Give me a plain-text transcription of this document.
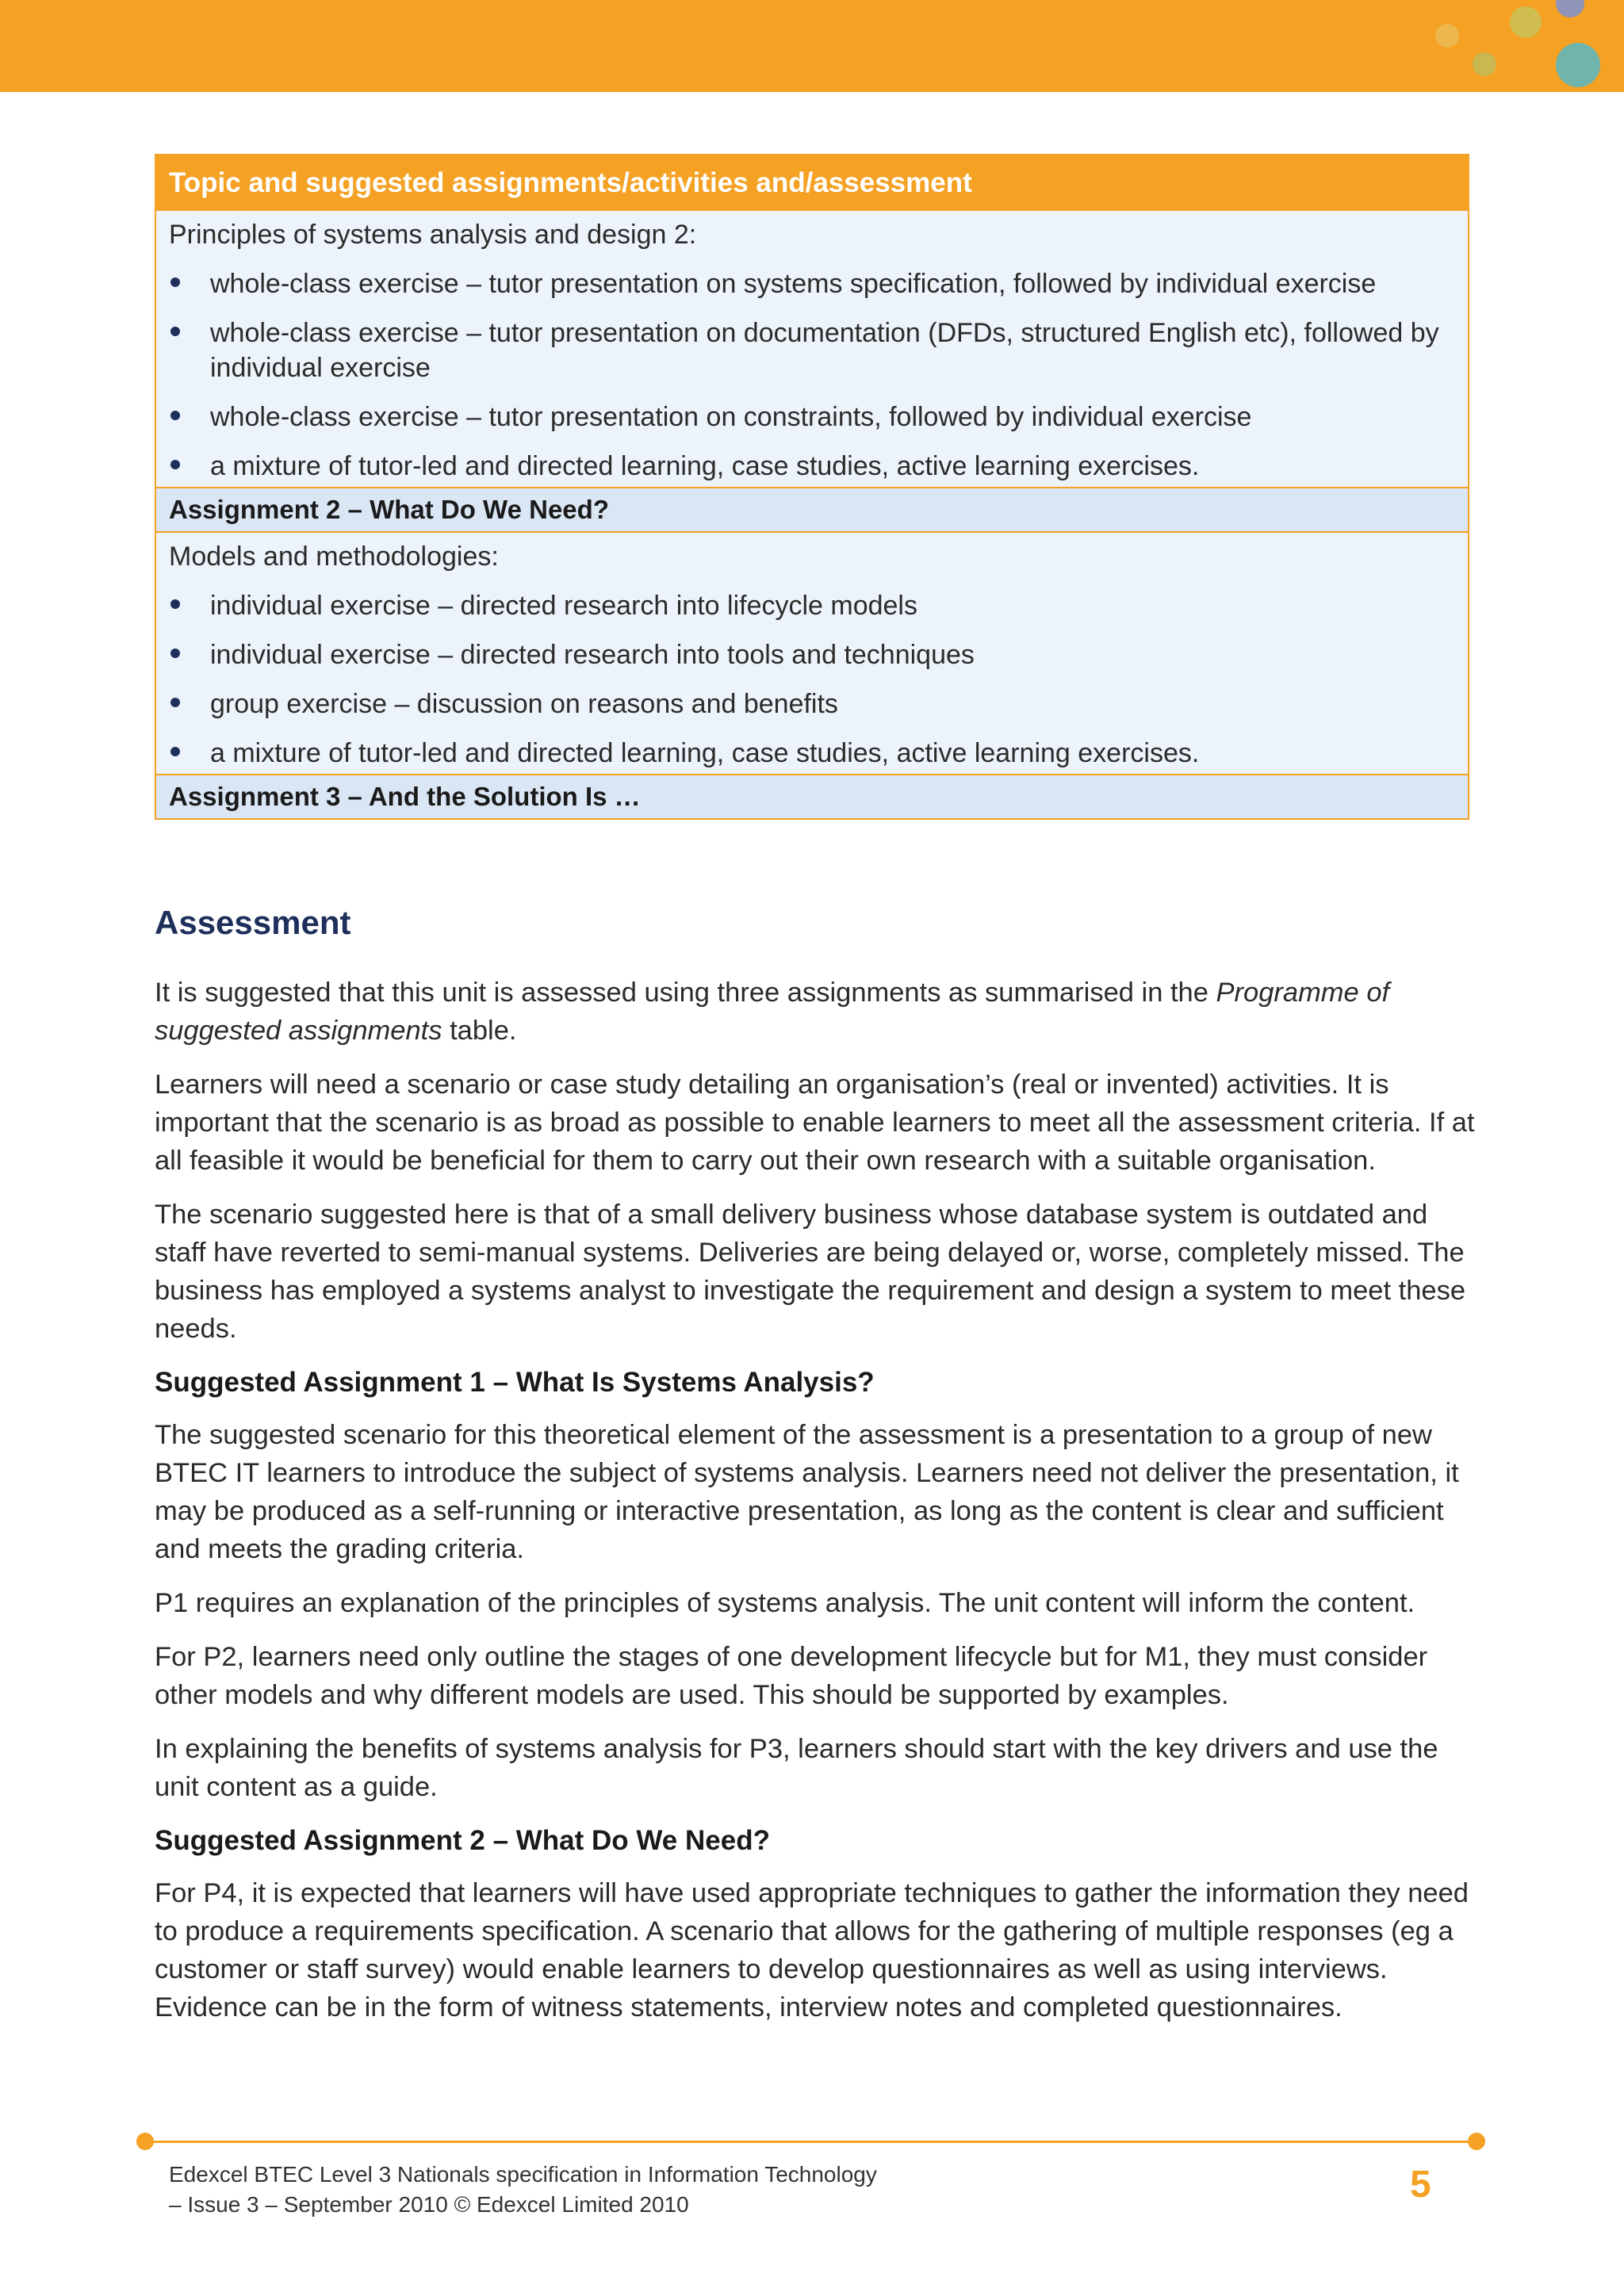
Topic and suggested assignments/activities and/assessment
Principles of systems analysis and design 2:
whole-class exercise – tutor presentation on systems specification, followed by individual exercise
whole-class exercise – tutor presentation on documentation (DFDs, structured English etc), followed by individual exercise
whole-class exercise – tutor presentation on constraints, followed by individual exercise
a mixture of tutor-led and directed learning, case studies, active learning exercises.
Assignment 2 – What Do We Need?
Models and methodologies:
individual exercise – directed research into lifecycle models
individual exercise – directed research into tools and techniques
group exercise – discussion on reasons and benefits
a mixture of tutor-led and directed learning, case studies, active learning exercises.
Assignment 3 – And the Solution Is …
Assessment

It is suggested that this unit is assessed using three assignments as summarised in the Programme of suggested assignments table.

Learners will need a scenario or case study detailing an organisation’s (real or invented) activities. It is important that the scenario is as broad as possible to enable learners to meet all the assessment criteria. If at all feasible it would be beneficial for them to carry out their own research with a suitable organisation.

The scenario suggested here is that of a small delivery business whose database system is outdated and staff have reverted to semi-manual systems. Deliveries are being delayed or, worse, completely missed. The business has employed a systems analyst to investigate the requirement and design a system to meet these needs.

Suggested Assignment 1 – What Is Systems Analysis?

The suggested scenario for this theoretical element of the assessment is a presentation to a group of new BTEC IT learners to introduce the subject of systems analysis. Learners need not deliver the presentation, it may be produced as a self-running or interactive presentation, as long as the content is clear and sufficient and meets the grading criteria.

P1 requires an explanation of the principles of systems analysis. The unit content will inform the content.

For P2, learners need only outline the stages of one development lifecycle but for M1, they must consider other models and why different models are used. This should be supported by examples.

In explaining the benefits of systems analysis for P3, learners should start with the key drivers and use the unit content as a guide.

Suggested Assignment 2 – What Do We Need?

For P4, it is expected that learners will have used appropriate techniques to gather the information they need to produce a requirements specification. A scenario that allows for the gathering of multiple responses (eg a customer or staff survey) would enable learners to develop questionnaires as well as using interviews. Evidence can be in the form of witness statements, interview notes and completed questionnaires.

Edexcel BTEC Level 3 Nationals specification in Information Technology
– Issue 3 – September 2010 © Edexcel Limited 2010	5
